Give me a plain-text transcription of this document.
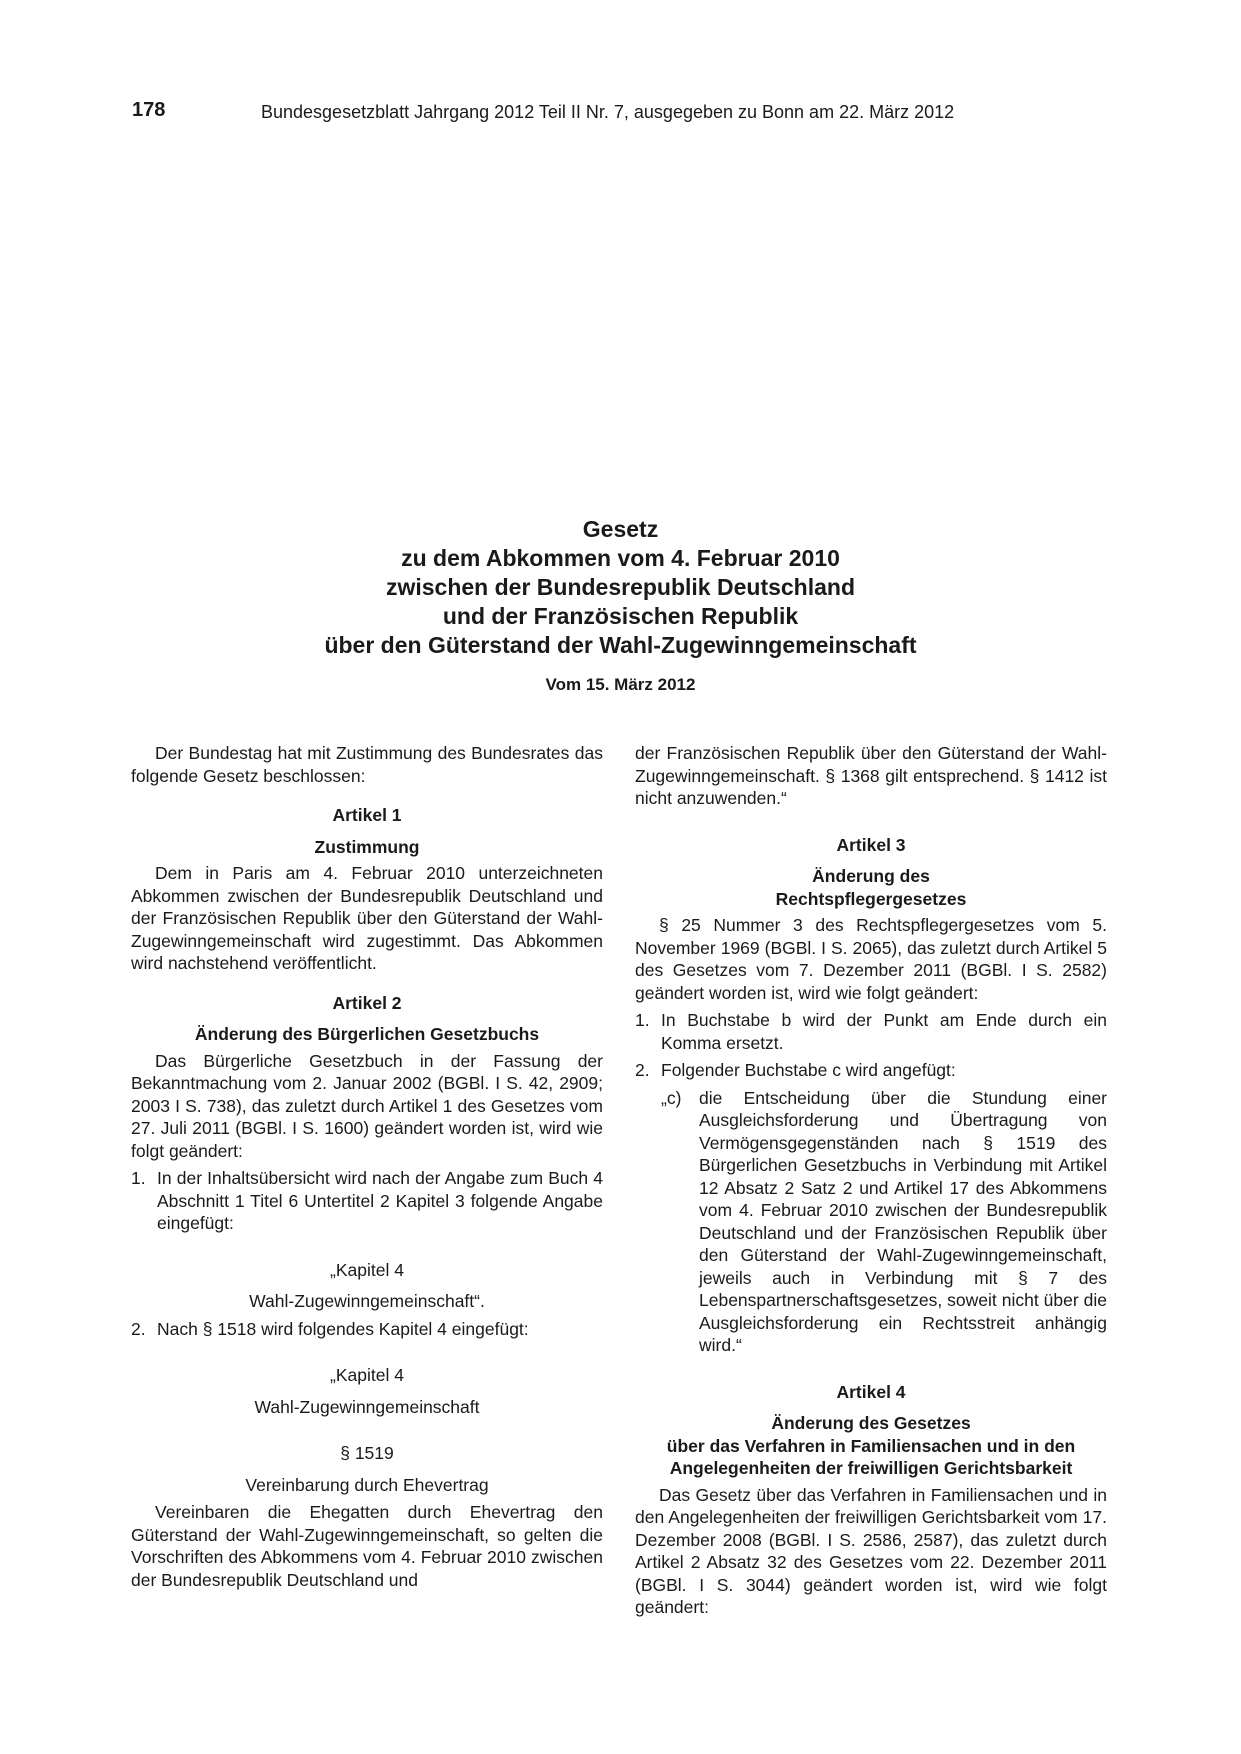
178	Bundesgesetzblatt Jahrgang 2012 Teil II Nr. 7, ausgegeben zu Bonn am 22. März 2012
Gesetz
zu dem Abkommen vom 4. Februar 2010
zwischen der Bundesrepublik Deutschland
und der Französischen Republik
über den Güterstand der Wahl-Zugewinngemeinschaft
Vom 15. März 2012

Der Bundestag hat mit Zustimmung des Bundesrates das folgende Gesetz beschlossen:

Artikel 1

Zustimmung

Dem in Paris am 4. Februar 2010 unterzeichneten Abkommen zwischen der Bundesrepublik Deutschland und der Französischen Republik über den Güterstand der Wahl-Zugewinngemeinschaft wird zugestimmt. Das Abkommen wird nachstehend veröffentlicht.

Artikel 2

Änderung des Bürgerlichen Gesetzbuchs

Das Bürgerliche Gesetzbuch in der Fassung der Bekanntmachung vom 2. Januar 2002 (BGBl. I S. 42, 2909; 2003 I S. 738), das zuletzt durch Artikel 1 des Gesetzes vom 27. Juli 2011 (BGBl. I S. 1600) geändert worden ist, wird wie folgt geändert:

1. In der Inhaltsübersicht wird nach der Angabe zum Buch 4 Abschnitt 1 Titel 6 Untertitel 2 Kapitel 3 folgende Angabe eingefügt:

„Kapitel 4

Wahl-Zugewinngemeinschaft“.

2. Nach § 1518 wird folgendes Kapitel 4 eingefügt:

„Kapitel 4

Wahl-Zugewinngemeinschaft

§ 1519

Vereinbarung durch Ehevertrag

Vereinbaren die Ehegatten durch Ehevertrag den Güterstand der Wahl-Zugewinngemeinschaft, so gelten die Vorschriften des Abkommens vom 4. Februar 2010 zwischen der Bundesrepublik Deutschland und

der Französischen Republik über den Güterstand der Wahl-Zugewinngemeinschaft. § 1368 gilt entsprechend. § 1412 ist nicht anzuwenden.“

Artikel 3

Änderung des

Rechtspflegergesetzes

§ 25 Nummer 3 des Rechtspflegergesetzes vom 5. November 1969 (BGBl. I S. 2065), das zuletzt durch Artikel 5 des Gesetzes vom 7. Dezember 2011 (BGBl. I S. 2582) geändert worden ist, wird wie folgt geändert:

1. In Buchstabe b wird der Punkt am Ende durch ein Komma ersetzt.
2. Folgender Buchstabe c wird angefügt:
„c)	die Entscheidung über die Stundung einer Ausgleichsforderung und Übertragung von Vermögensgegenständen nach § 1519 des Bürgerlichen Gesetzbuchs in Verbindung mit Artikel 12 Absatz 2 Satz 2 und Artikel 17 des Abkommens vom 4. Februar 2010 zwischen der Bundesrepublik Deutschland und der Französischen Republik über den Güterstand der Wahl-Zugewinngemeinschaft, jeweils auch in Verbindung mit § 7 des Lebenspartnerschaftsgesetzes, soweit nicht über die Ausgleichsforderung ein Rechtsstreit anhängig wird.“

Artikel 4

Änderung des Gesetzes

über das Verfahren in Familiensachen und in den

Angelegenheiten der freiwilligen Gerichtsbarkeit

Das Gesetz über das Verfahren in Familiensachen und in den Angelegenheiten der freiwilligen Gerichtsbarkeit vom 17. Dezember 2008 (BGBl. I S. 2586, 2587), das zuletzt durch Artikel 2 Absatz 32 des Gesetzes vom 22. Dezember 2011 (BGBl. I S. 3044) geändert worden ist, wird wie folgt geändert:
